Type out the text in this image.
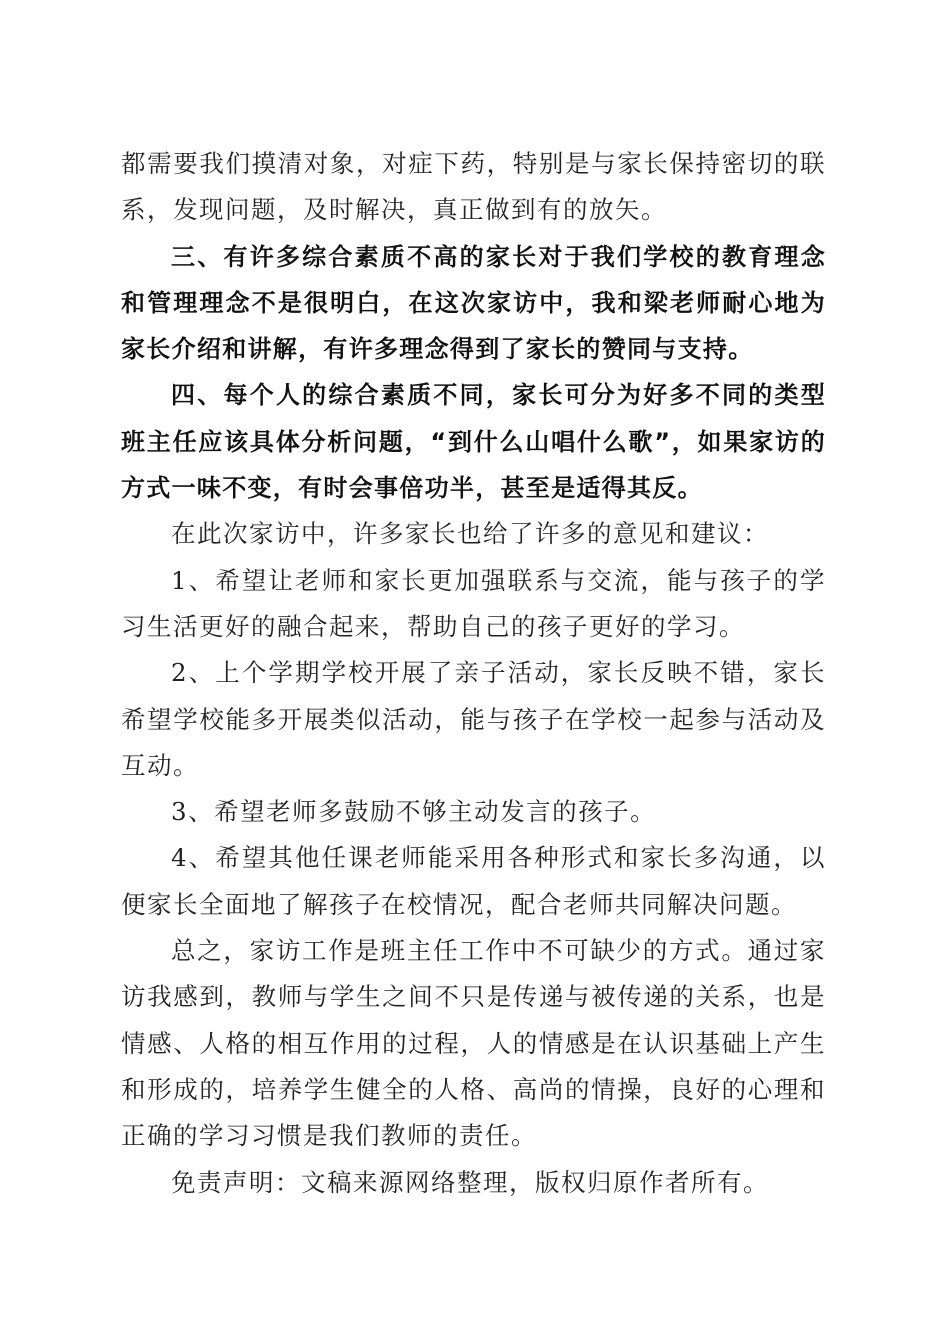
都需要我们摸清对象，对症下药，特别是与家长保持密切的联系，发现问题，及时解决，真正做到有的放矢。

三、有许多综合素质不高的家长对于我们学校的教育理念和管理理念不是很明白，在这次家访中，我和梁老师耐心地为家长介绍和讲解，有许多理念得到了家长的赞同与支持。

四、每个人的综合素质不同，家长可分为好多不同的类型班主任应该具体分析问题，“到什么山唱什么歌”，如果家访的方式一味不变，有时会事倍功半，甚至是适得其反。

在此次家访中，许多家长也给了许多的意见和建议：

1、希望让老师和家长更加强联系与交流，能与孩子的学习生活更好的融合起来，帮助自己的孩子更好的学习。

2、上个学期学校开展了亲子活动，家长反映不错，家长希望学校能多开展类似活动，能与孩子在学校一起参与活动及互动。

3、希望老师多鼓励不够主动发言的孩子。

4、希望其他任课老师能采用各种形式和家长多沟通，以便家长全面地了解孩子在校情况，配合老师共同解决问题。

总之，家访工作是班主任工作中不可缺少的方式。通过家访我感到，教师与学生之间不只是传递与被传递的关系，也是情感、人格的相互作用的过程，人的情感是在认识基础上产生和形成的，培养学生健全的人格、高尚的情操，良好的心理和正确的学习习惯是我们教师的责任。

免责声明：文稿来源网络整理，版权归原作者所有。
